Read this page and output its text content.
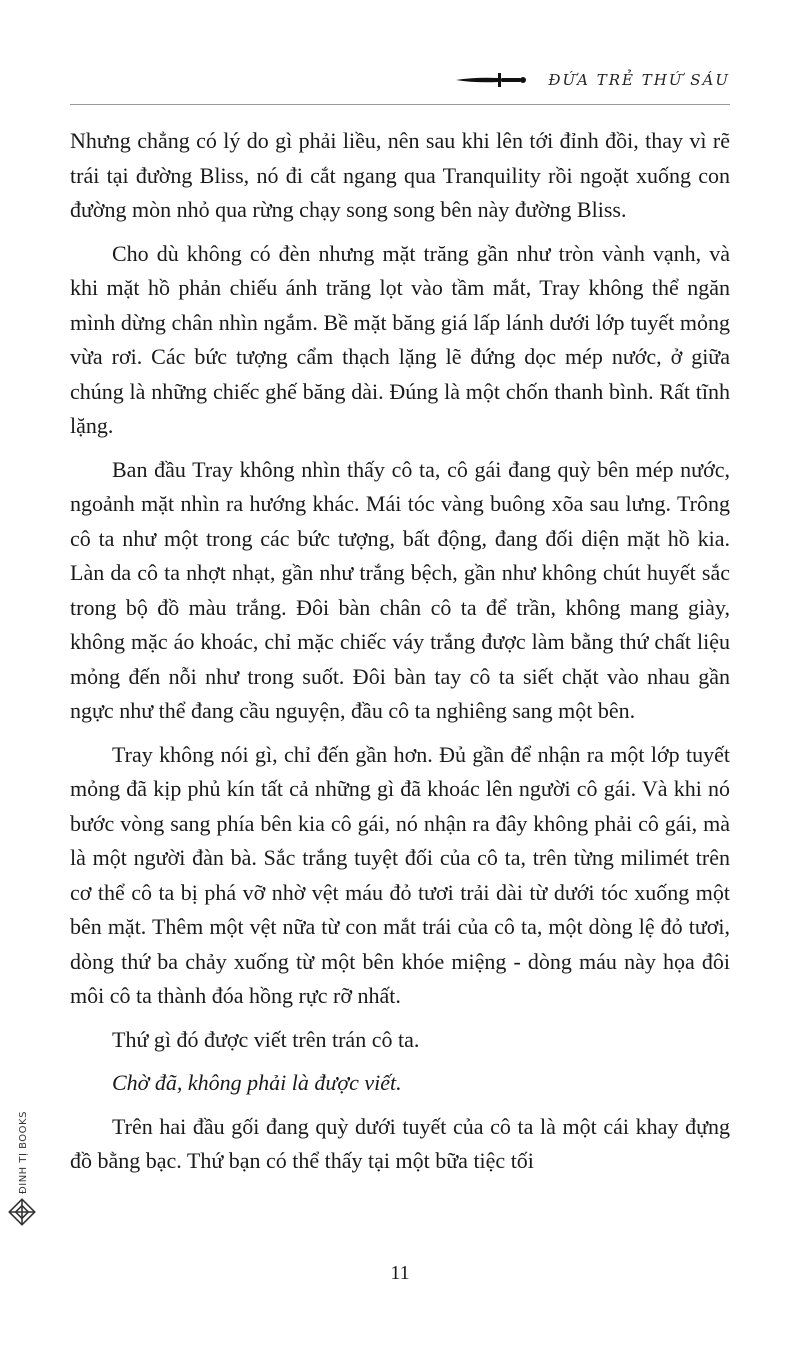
ĐỨA TRẺ THỨ SÁU

Nhưng chẳng có lý do gì phải liều, nên sau khi lên tới đỉnh đồi, thay vì rẽ trái tại đường Bliss, nó đi cắt ngang qua Tranquility rồi ngoặt xuống con đường mòn nhỏ qua rừng chạy song song bên này đường Bliss.

Cho dù không có đèn nhưng mặt trăng gần như tròn vành vạnh, và khi mặt hồ phản chiếu ánh trăng lọt vào tầm mắt, Tray không thể ngăn mình dừng chân nhìn ngắm. Bề mặt băng giá lấp lánh dưới lớp tuyết mỏng vừa rơi. Các bức tượng cẩm thạch lặng lẽ đứng dọc mép nước, ở giữa chúng là những chiếc ghế băng dài. Đúng là một chốn thanh bình. Rất tĩnh lặng.

Ban đầu Tray không nhìn thấy cô ta, cô gái đang quỳ bên mép nước, ngoảnh mặt nhìn ra hướng khác. Mái tóc vàng buông xõa sau lưng. Trông cô ta như một trong các bức tượng, bất động, đang đối diện mặt hồ kia. Làn da cô ta nhợt nhạt, gần như trắng bệch, gần như không chút huyết sắc trong bộ đồ màu trắng. Đôi bàn chân cô ta để trần, không mang giày, không mặc áo khoác, chỉ mặc chiếc váy trắng được làm bằng thứ chất liệu mỏng đến nỗi như trong suốt. Đôi bàn tay cô ta siết chặt vào nhau gần ngực như thể đang cầu nguyện, đầu cô ta nghiêng sang một bên.

Tray không nói gì, chỉ đến gần hơn. Đủ gần để nhận ra một lớp tuyết mỏng đã kịp phủ kín tất cả những gì đã khoác lên người cô gái. Và khi nó bước vòng sang phía bên kia cô gái, nó nhận ra đây không phải cô gái, mà là một người đàn bà. Sắc trắng tuyệt đối của cô ta, trên từng milimét trên cơ thể cô ta bị phá vỡ nhờ vệt máu đỏ tươi trải dài từ dưới tóc xuống một bên mặt. Thêm một vệt nữa từ con mắt trái của cô ta, một dòng lệ đỏ tươi, dòng thứ ba chảy xuống từ một bên khóe miệng - dòng máu này họa đôi môi cô ta thành đóa hồng rực rỡ nhất.

Thứ gì đó được viết trên trán cô ta.

Chờ đã, không phải là được viết.

Trên hai đầu gối đang quỳ dưới tuyết của cô ta là một cái khay đựng đồ bằng bạc. Thứ bạn có thể thấy tại một bữa tiệc tối

11
ĐINH TỊ BOOKS
